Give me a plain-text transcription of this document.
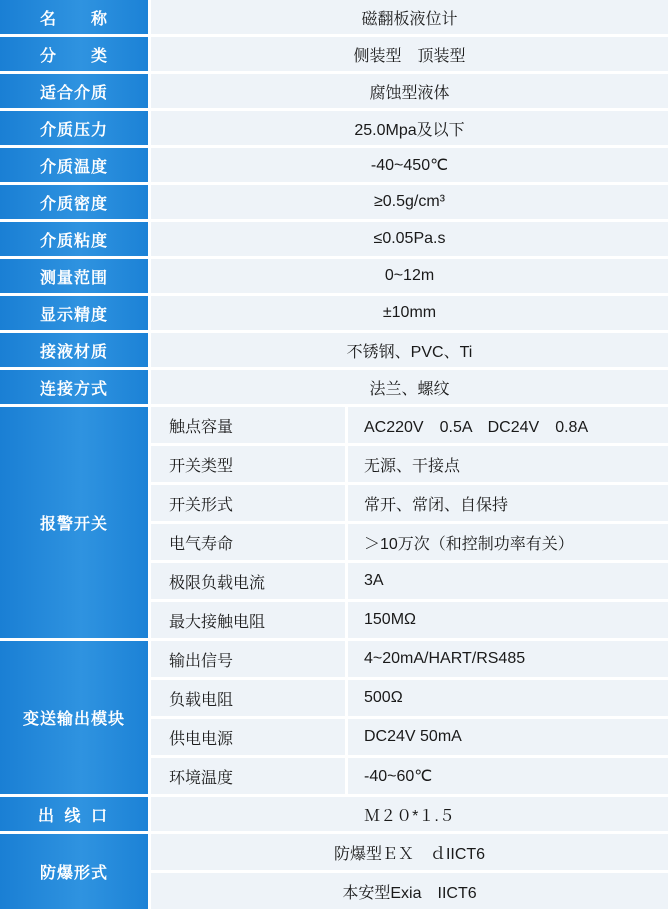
名　　称	磁翻板液位计
分　　类	侧装型　顶装型
适合介质	腐蚀型液体
介质压力	25.0Mpa及以下
介质温度	-40~450℃
介质密度	≥0.5g/cm³
介质粘度	≤0.05Pa.s
测量范围	0~12m
显示精度	±10mm
接液材质	不锈钢、PVC、Ti
连接方式	法兰、螺纹
报警开关	
触点容量	AC220V　0.5A　DC24V　0.8A
开关类型	无源、干接点
开关形式	常开、常闭、自保持
电气寿命	＞10万次（和控制功率有关）
极限负载电流	3A
最大接触电阻	150MΩ

变送输出模块	
输出信号	4~20mA/HART/RS485
负载电阻	500Ω
供电电源	DC24V 50mA
环境温度	-40~60℃

出 线 口	Ｍ２０*１.５
防爆形式	
防爆型ＥＸ　ｄIICT6
本安型Exia　IICT6
